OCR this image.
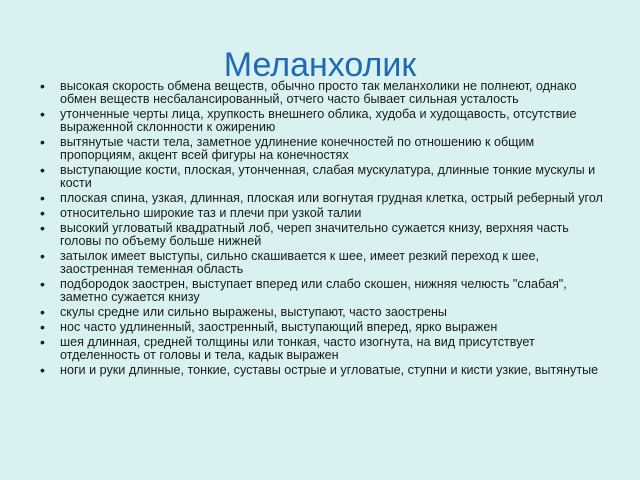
Меланхолик
• высокая скорость обмена веществ, обычно просто так меланхолики не полнеют, однако обмен веществ несбалансированный, отчего часто бывает сильная усталость
• утонченные черты лица, хрупкость внешнего облика, худоба и худощавость, отсутствие выраженной склонности к ожирению
• вытянутые части тела, заметное удлинение конечностей по отношению к общим пропорциям, акцент всей фигуры на конечностях
• выступающие кости, плоская, утонченная, слабая мускулатура, длинные тонкие мускулы и кости
• плоская спина, узкая, длинная, плоская или вогнутая грудная клетка, острый реберный угол
• относительно широкие таз и плечи при узкой талии
• высокий угловатый квадратный лоб, череп значительно сужается книзу, верхняя часть головы по объему больше нижней
• затылок имеет выступы, сильно скашивается к шее, имеет резкий переход к шее, заостренная теменная область
• подбородок заострен, выступает вперед или слабо скошен, нижняя челюсть "слабая", заметно сужается книзу
• скулы средне или сильно выражены, выступают, часто заострены
• нос часто удлиненный, заостренный, выступающий вперед, ярко выражен
• шея длинная, средней толщины или тонкая, часто изогнута, на вид присутствует отделенность от головы и тела, кадык выражен
• ноги и руки длинные, тонкие, суставы острые и угловатые, ступни и кисти узкие, вытянутые
